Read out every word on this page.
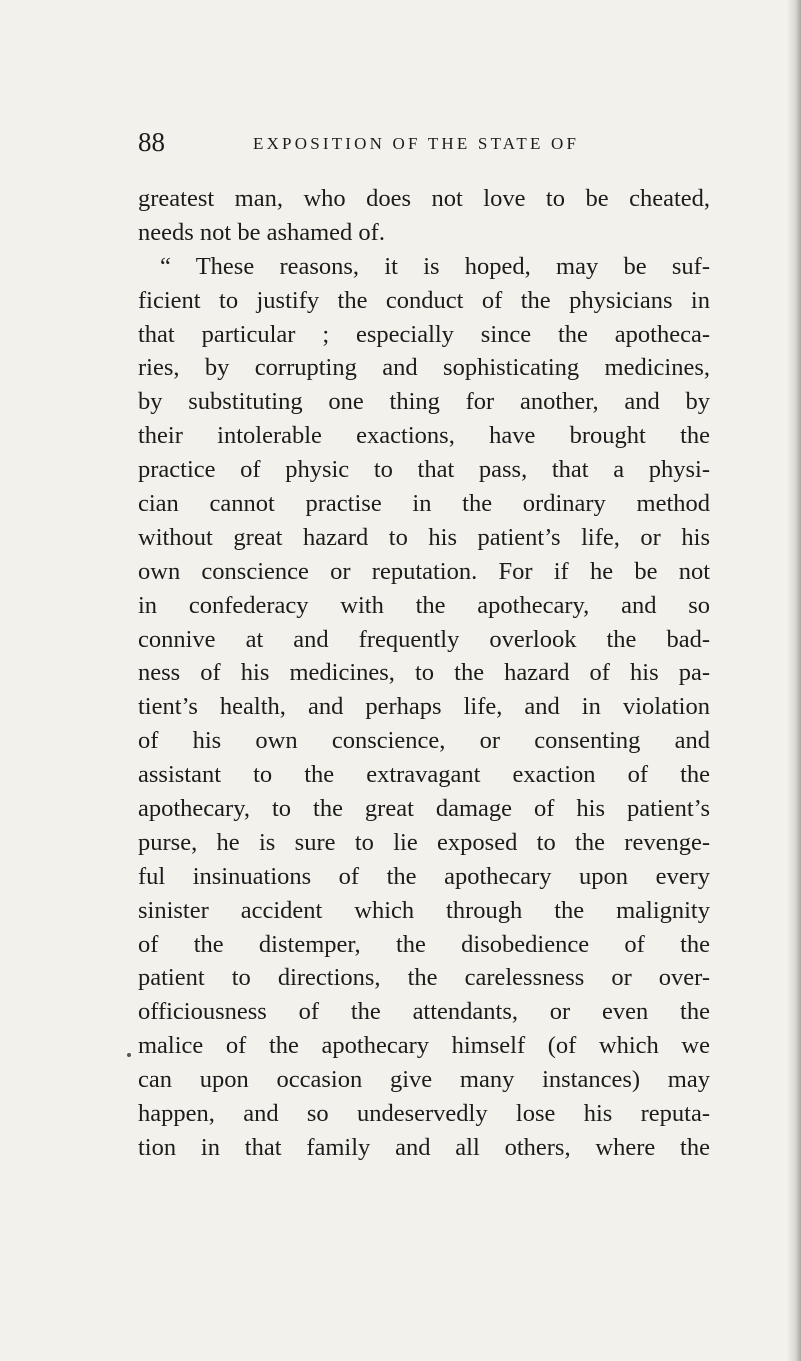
88	EXPOSITION OF THE STATE OF
greatest man, who does not love to be cheated,
needs not be ashamed of.
“ These reasons, it is hoped, may be suf-
ficient to justify the conduct of the physicians in
that particular ; especially since the apotheca-
ries, by corrupting and sophisticating medicines,
by substituting one thing for another, and by
their intolerable exactions, have brought the
practice of physic to that pass, that a physi-
cian cannot practise in the ordinary method
without great hazard to his patient’s life, or his
own conscience or reputation. For if he be not
in confederacy with the apothecary, and so
connive at and frequently overlook the bad-
ness of his medicines, to the hazard of his pa-
tient’s health, and perhaps life, and in violation
of his own conscience, or consenting and
assistant to the extravagant exaction of the
apothecary, to the great damage of his patient’s
purse, he is sure to lie exposed to the revenge-
ful insinuations of the apothecary upon every
sinister accident which through the malignity
of the distemper, the disobedience of the
patient to directions, the carelessness or over-
officiousness of the attendants, or even the
malice of the apothecary himself (of which we
can upon occasion give many instances) may
happen, and so undeservedly lose his reputa-
tion in that family and all others, where the
